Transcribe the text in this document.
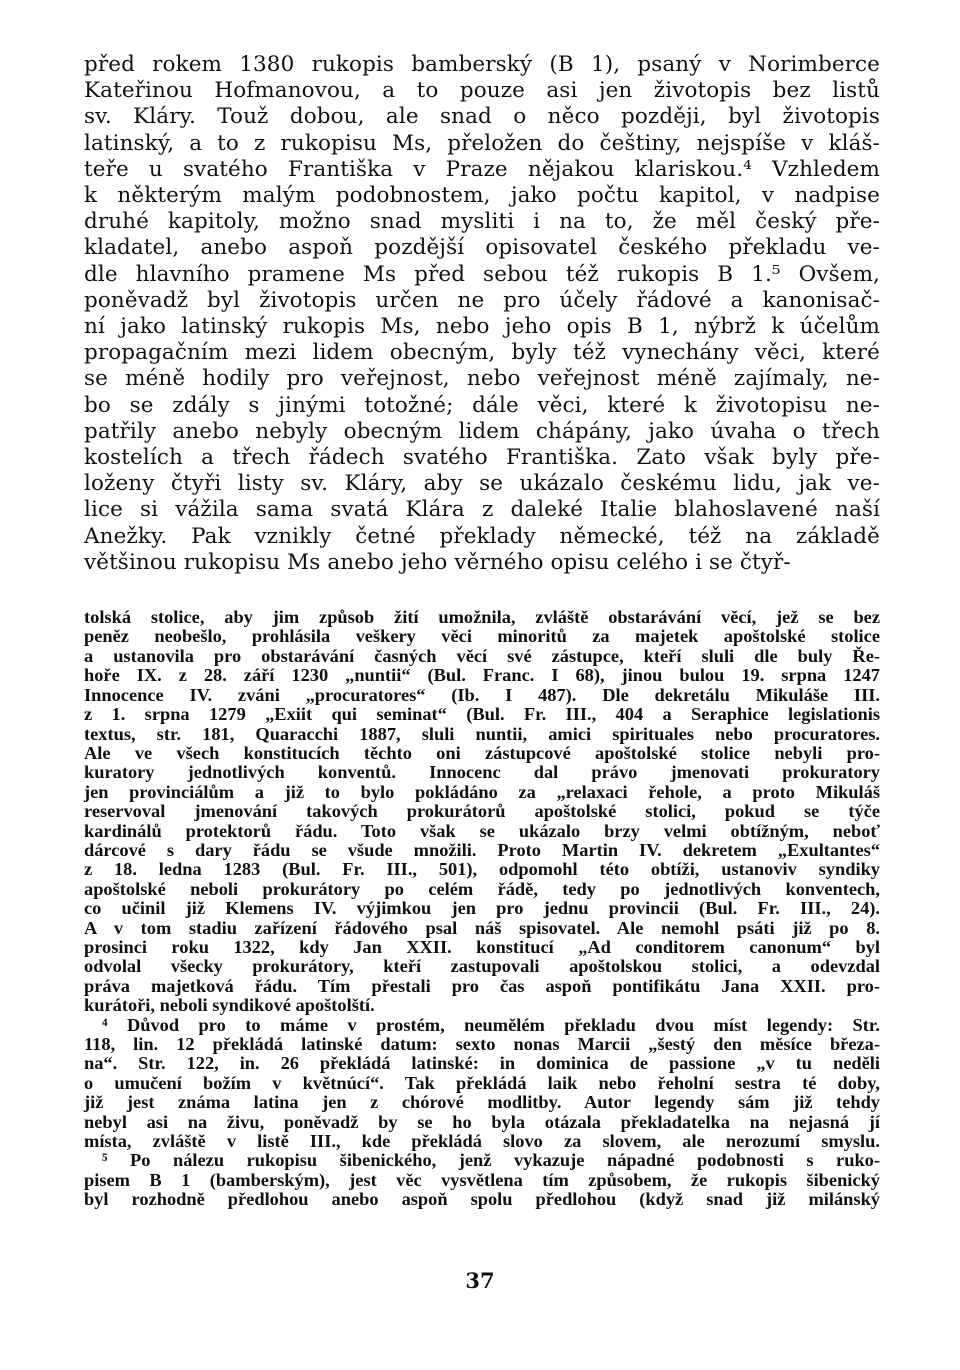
před rokem 1380 rukopis bamberský (B 1), psaný v Norimberce
Kateřinou Hofmanovou, a to pouze asi jen životopis bez listů
sv. Kláry. Touž dobou, ale snad o něco později, byl životopis
latinský, a to z rukopisu Ms, přeložen do češtiny, nejspíše v kláš-
teře u svatého Františka v Praze nějakou klariskou.⁴ Vzhledem
k některým malým podobnostem, jako počtu kapitol, v nadpise
druhé kapitoly, možno snad mysliti i na to, že měl český pře-
kladatel, anebo aspoň pozdější opisovatel českého překladu ve-
dle hlavního pramene Ms před sebou též rukopis B 1.⁵ Ovšem,
poněvadž byl životopis určen ne pro účely řádové a kanonisač-
ní jako latinský rukopis Ms, nebo jeho opis B 1, nýbrž k účelům
propagačním mezi lidem obecným, byly též vynechány věci, které
se méně hodily pro veřejnost, nebo veřejnost méně zajímaly, ne-
bo se zdály s jinými totožné; dále věci, které k životopisu ne-
patřily anebo nebyly obecným lidem chápány, jako úvaha o třech
kostelích a třech řádech svatého Františka. Zato však byly pře-
loženy čtyři listy sv. Kláry, aby se ukázalo českému lidu, jak ve-
lice si vážila sama svatá Klára z daleké Italie blahoslavené naší
Anežky. Pak vznikly četné překlady německé, též na základě
většinou rukopisu Ms anebo jeho věrného opisu celého i se čtyř-
tolská stolice, aby jim způsob žití umožnila, zvláště obstarávání věcí, jež se bez
peněz neobešlo, prohlásila veškery věci minoritů za majetek apoštolské stolice
a ustanovila pro obstarávání časných věcí své zástupce, kteří sluli dle buly Ře-
hoře IX. z 28. září 1230 „nuntii“ (Bul. Franc. I 68), jinou bulou 19. srpna 1247
Innocence IV. zváni „procuratores“ (Ib. I 487). Dle dekretálu Mikuláše III.
z 1. srpna 1279 „Exiit qui seminat“ (Bul. Fr. III., 404 a Seraphice legislationis
textus, str. 181, Quaracchi 1887, sluli nuntii, amici spirituales nebo procuratores.
Ale ve všech konstitucích těchto oni zástupcové apoštolské stolice nebyli pro-
kuratory jednotlivých konventů. Innocenc dal právo jmenovati prokuratory
jen provinciálům a již to bylo pokládáno za „relaxaci řehole, a proto Mikuláš
reservoval jmenování takových prokurátorů apoštolské stolici, pokud se týče
kardinálů protektorů řádu. Toto však se ukázalo brzy velmi obtížným, neboť
dárcové s dary řádu se všude množili. Proto Martin IV. dekretem „Exultantes“
z 18. ledna 1283 (Bul. Fr. III., 501), odpomohl této obtíži, ustanoviv syndiky
apoštolské neboli prokurátory po celém řádě, tedy po jednotlivých konventech,
co učinil již Klemens IV. výjimkou jen pro jednu provincii (Bul. Fr. III., 24).
A v tom stadiu zařízení řádového psal náš spisovatel. Ale nemohl psáti již po 8.
prosinci roku 1322, kdy Jan XXII. konstitucí „Ad conditorem canonum“ byl
odvolal všecky prokurátory, kteří zastupovali apoštolskou stolici, a odevzdal
práva majetková řádu. Tím přestali pro čas aspoň pontifikátu Jana XXII. pro-
kurátoři, neboli syndikové apoštolští.
⁴ Důvod pro to máme v prostém, neumělém překladu dvou míst legendy: Str.
118, lin. 12 překládá latinské datum: sexto nonas Marcii „šestý den měsíce březa-
na“. Str. 122, in. 26 překládá latinské: in dominica de passione „v tu neděli
o umučení božím v květnúcí“. Tak překládá laik nebo řeholní sestra té doby,
již jest známa latina jen z chórové modlitby. Autor legendy sám již tehdy
nebyl asi na živu, poněvadž by se ho byla otázala překladatelka na nejasná jí
místa, zvláště v listě III., kde překládá slovo za slovem, ale nerozumí smyslu.
⁵ Po nálezu rukopisu šibenického, jenž vykazuje nápadné podobnosti s ruko-
pisem B 1 (bamberským), jest věc vysvětlena tím způsobem, že rukopis šibenický
byl rozhodně předlohou anebo aspoň spolu předlohou (když snad již milánský
37
